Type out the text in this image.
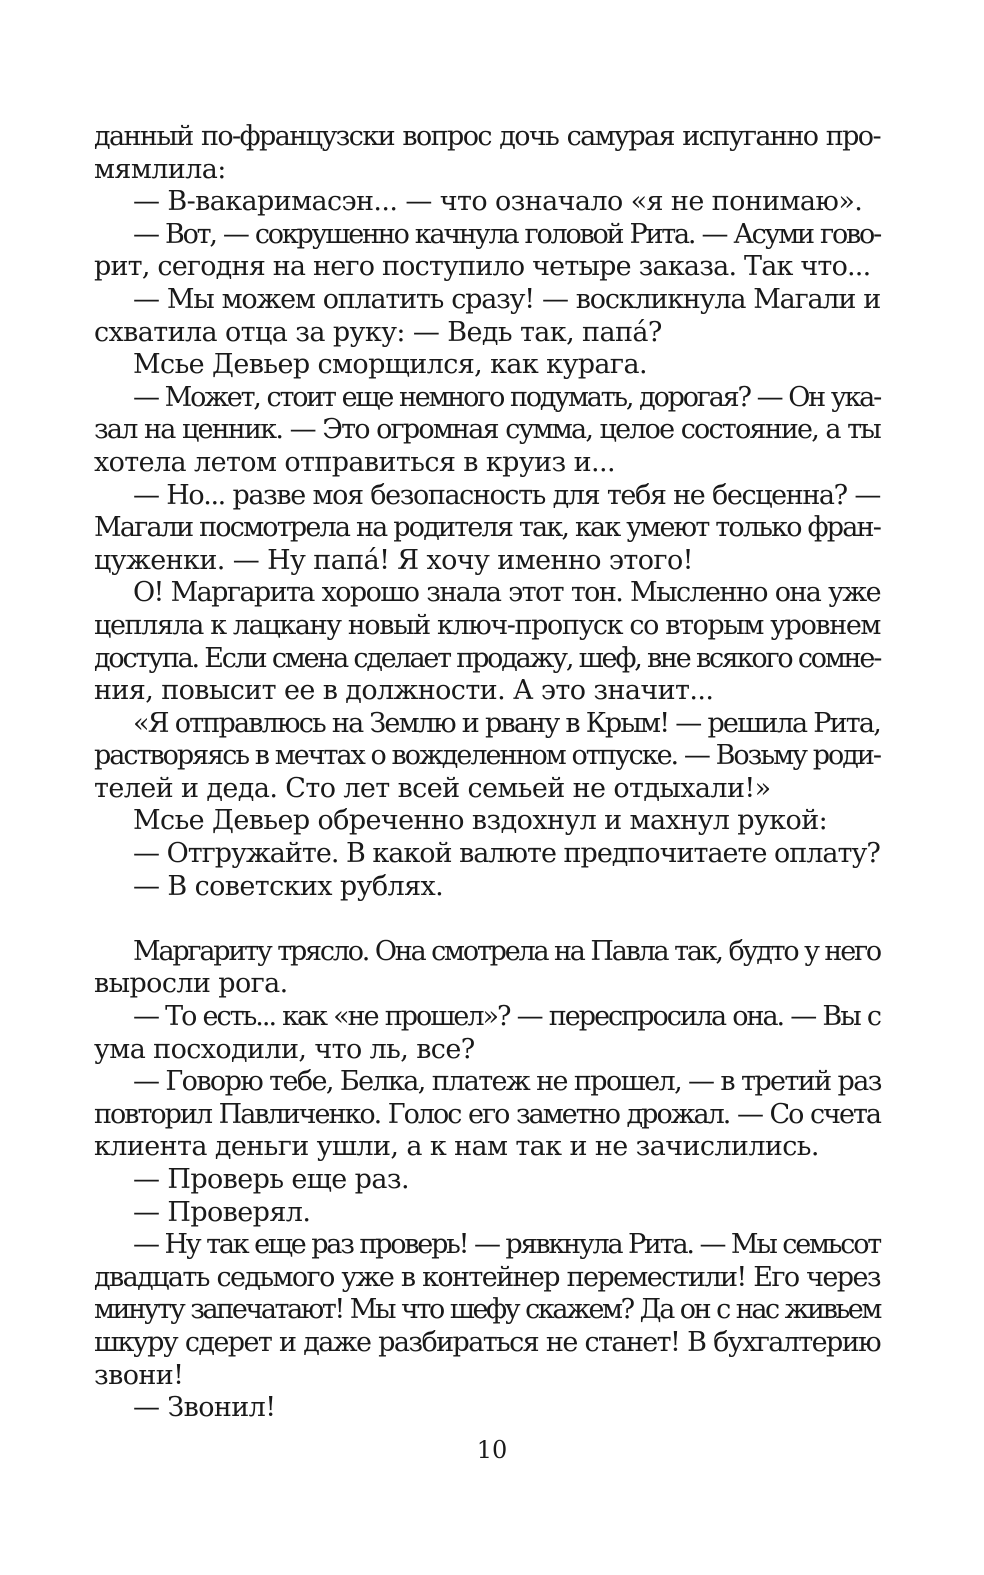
данный по-французски вопрос дочь самурая испуганно про-
мямлила:
— В-вакаримасэн... — что означало «я не понимаю».
— Вот, — сокрушенно качнула головой Рита. — Асуми гово-
рит, сегодня на него поступило четыре заказа. Так что...
— Мы можем оплатить сразу! — воскликнула Магали и
схватила отца за руку: — Ведь так, папа́?
Мсье Девьер сморщился, как курага.
— Может, стоит еще немного подумать, дорогая? — Он ука-
зал на ценник. — Это огромная сумма, целое состояние, а ты
хотела летом отправиться в круиз и...
— Но... разве моя безопасность для тебя не бесценна? —
Магали посмотрела на родителя так, как умеют только фран-
цуженки. — Ну папа́! Я хочу именно этого!
О! Маргарита хорошо знала этот тон. Мысленно она уже
цепляла к лацкану новый ключ-пропуск со вторым уровнем
доступа. Если смена сделает продажу, шеф, вне всякого сомне-
ния, повысит ее в должности. А это значит...
«Я отправлюсь на Землю и рвану в Крым! — решила Рита,
растворяясь в мечтах о вожделенном отпуске. — Возьму роди-
телей и деда. Сто лет всей семьей не отдыхали!»
Мсье Девьер обреченно вздохнул и махнул рукой:
— Отгружайте. В какой валюте предпочитаете оплату?
— В советских рублях.
Маргариту трясло. Она смотрела на Павла так, будто у него
выросли рога.
— То есть... как «не прошел»? — переспросила она. — Вы с
ума посходили, что ль, все?
— Говорю тебе, Белка, платеж не прошел, — в третий раз
повторил Павличенко. Голос его заметно дрожал. — Со счета
клиента деньги ушли, а к нам так и не зачислились.
— Проверь еще раз.
— Проверял.
— Ну так еще раз проверь! — рявкнула Рита. — Мы семьсот
двадцать седьмого уже в контейнер переместили! Его через
минуту запечатают! Мы что шефу скажем? Да он с нас живьем
шкуру сдерет и даже разбираться не станет! В бухгалтерию
звони!
— Звонил!
10
